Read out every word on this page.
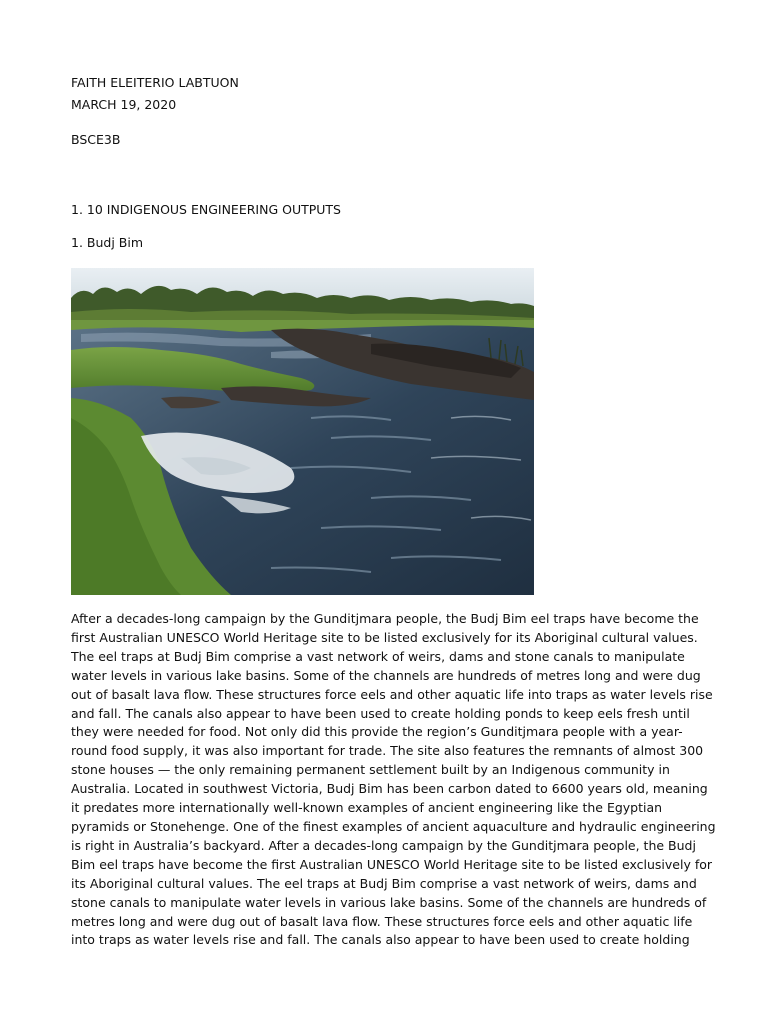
FAITH ELEITERIO LABTUON
MARCH 19, 2020
BSCE3B
1. 10 INDIGENOUS ENGINEERING OUTPUTS
1. Budj Bim
After a decades-long campaign by the Gunditjmara people, the Budj Bim eel traps have become the
first Australian UNESCO World Heritage site to be listed exclusively for its Aboriginal cultural values.
The eel traps at Budj Bim comprise a vast network of weirs, dams and stone canals to manipulate
water levels in various lake basins. Some of the channels are hundreds of metres long and were dug
out of basalt lava flow. These structures force eels and other aquatic life into traps as water levels rise
and fall. The canals also appear to have been used to create holding ponds to keep eels fresh until
they were needed for food. Not only did this provide the region’s Gunditjmara people with a year-
round food supply, it was also important for trade. The site also features the remnants of almost 300
stone houses — the only remaining permanent settlement built by an Indigenous community in
Australia. Located in southwest Victoria, Budj Bim has been carbon dated to 6600 years old, meaning
it predates more internationally well-known examples of ancient engineering like the Egyptian
pyramids or Stonehenge. One of the finest examples of ancient aquaculture and hydraulic engineering
is right in Australia’s backyard. After a decades-long campaign by the Gunditjmara people, the Budj
Bim eel traps have become the first Australian UNESCO World Heritage site to be listed exclusively for
its Aboriginal cultural values. The eel traps at Budj Bim comprise a vast network of weirs, dams and
stone canals to manipulate water levels in various lake basins. Some of the channels are hundreds of
metres long and were dug out of basalt lava flow. These structures force eels and other aquatic life
into traps as water levels rise and fall. The canals also appear to have been used to create holding
